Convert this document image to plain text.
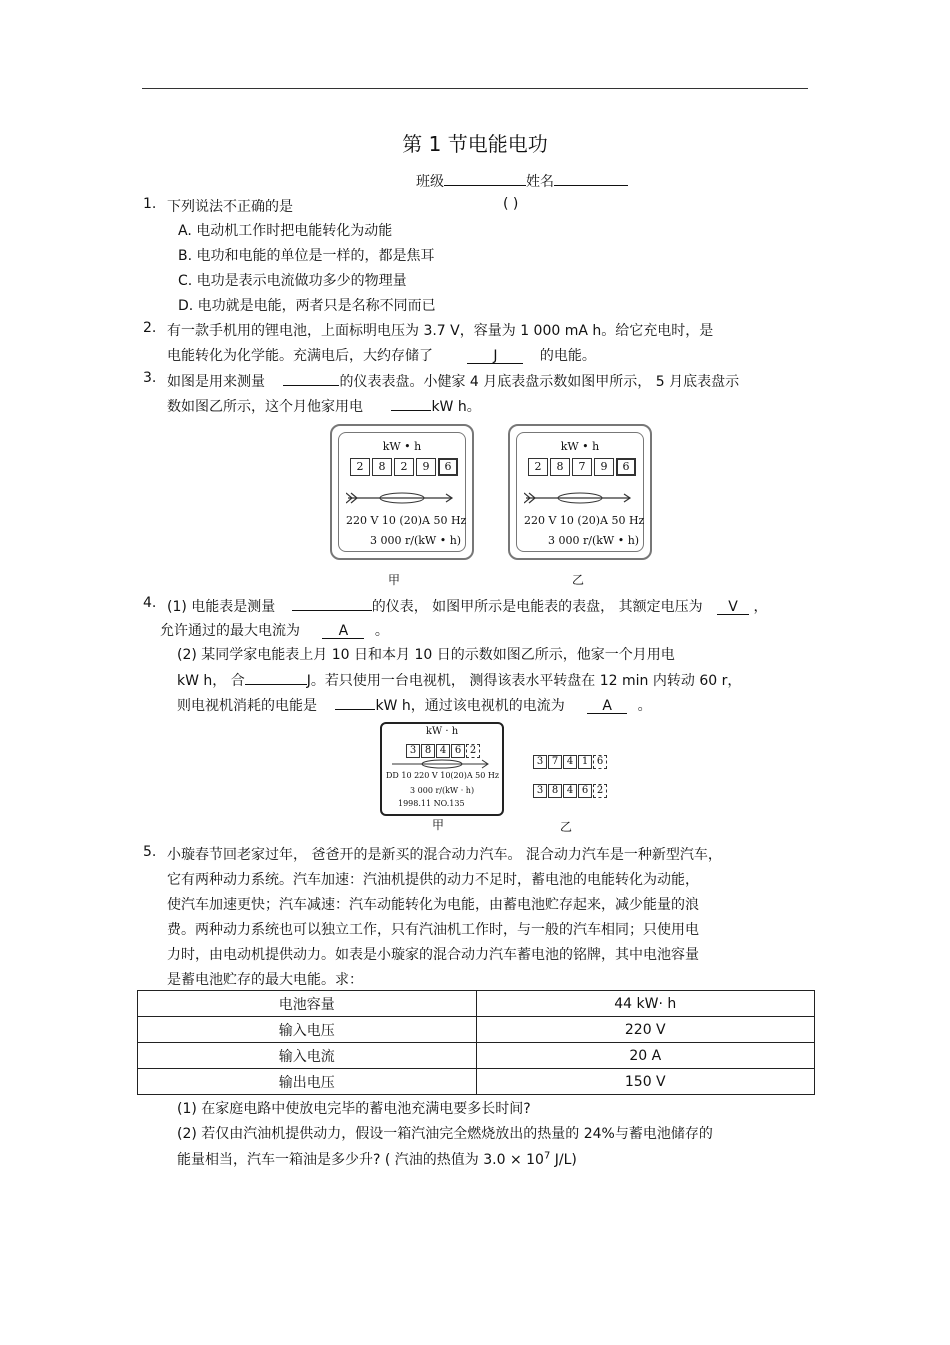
第 1 节电能电功
班级	姓名
1. 下列说法不正确的是	( )
A. 电动机工作时把电能转化为动能
B. 电功和电能的单位是一样的，都是焦耳
C. 电功是表示电流做功多少的物理量
D. 电功就是电能，两者只是名称不同而已
2. 有一款手机用的锂电池，上面标明电压为 3.7 V，容量为 1 000 mA h。给它充电时，是
电能转化为化学能。充满电后，大约存储了	J	的电能。
3. 如图是用来测量	的仪表表盘。小健家 4 月底表盘示数如图甲所示， 5 月底表盘示
数如图乙所示，这个月他家用电	kW h。
kW • h
2	8	2	9	6
220 V 10 (20)A 50 Hz
3 000 r/(kW • h)
甲
kW • h
2	8	7	9	6
220 V 10 (20)A 50 Hz
3 000 r/(kW • h)
乙
4. (1) 电能表是测量	的仪表， 如图甲所示是电能表的表盘， 其额定电压为 V ，
允许通过的最大电流为	A 。
(2) 某同学家电能表上月 10 日和本月 10 日的示数如图乙所示，他家一个月用电
kW h， 合	J。若只使用一台电视机， 测得该表水平转盘在 12 min 内转动 60 r，
则电视机消耗的电能是	kW h，通过该电视机的电流为	A 。
kW · h
3 8 4 6 2
DD 10 220 V 10(20)A 50 Hz
3 000 r/(kW · h)
1998.11 NO.135
甲
3 7 4 1 6
3 8 4 6 2
乙
5. 小璇春节回老家过年， 爸爸开的是新买的混合动力汽车。 混合动力汽车是一种新型汽车，
它有两种动力系统。汽车加速：汽油机提供的动力不足时，蓄电池的电能转化为动能，
使汽车加速更快；汽车减速：汽车动能转化为电能，由蓄电池贮存起来，减少能量的浪
费。两种动力系统也可以独立工作，只有汽油机工作时，与一般的汽车相同；只使用电
力时，由电动机提供动力。如表是小璇家的混合动力汽车蓄电池的铭牌，其中电池容量
是蓄电池贮存的最大电能。求：
电池容量	44 kW· h
输入电压	220 V
输入电流	20 A
输出电压	150 V
(1) 在家庭电路中使放电完毕的蓄电池充满电要多长时间?
(2) 若仅由汽油机提供动力，假设一箱汽油完全燃烧放出的热量的 24%与蓄电池储存的
能量相当，汽车一箱油是多少升? ( 汽油的热值为 $3.0 \times 10^7$ J/L)
